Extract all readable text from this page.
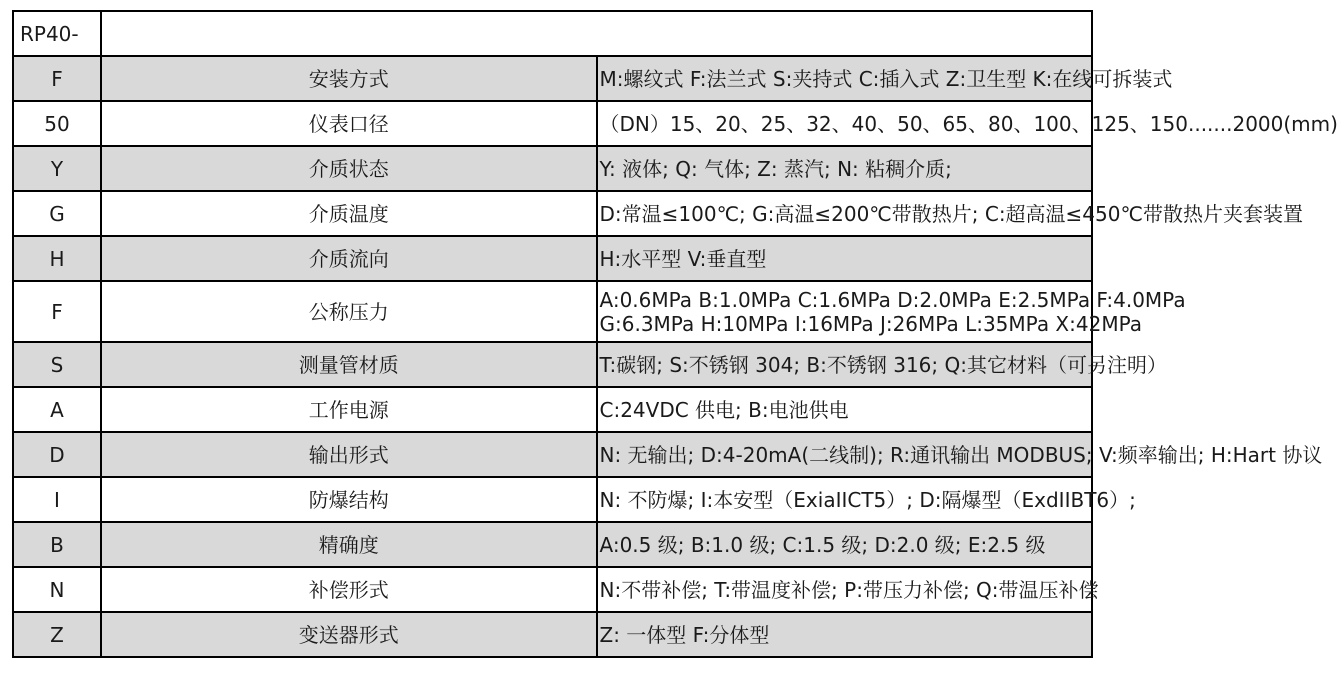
RP40-		
F	安装方式	M:螺纹式 F:法兰式 S:夹持式 C:插入式 Z:卫生型 K:在线可拆装式
50	仪表口径	（DN）15、20、25、32、40、50、65、80、100、125、150.......2000(mm)
Y	介质状态	Y: 液体; Q: 气体; Z: 蒸汽; N: 粘稠介质;
G	介质温度	D:常温≤100℃; G:高温≤200℃带散热片; C:超高温≤450℃带散热片夹套装置
H	介质流向	H:水平型 V:垂直型
F	公称压力	A:0.6MPa B:1.0MPa C:1.6MPa D:2.0MPa E:2.5MPa F:4.0MPa
G:6.3MPa H:10MPa I:16MPa J:26MPa L:35MPa X:42MPa

S	测量管材质	T:碳钢; S:不锈钢 304; B:不锈钢 316; Q:其它材料（可另注明）
A	工作电源	C:24VDC 供电; B:电池供电
D	输出形式	N: 无输出; D:4-20mA(二线制); R:通讯输出 MODBUS; V:频率输出; H:Hart 协议
I	防爆结构	N: 不防爆; I:本安型（ExiaIICT5）; D:隔爆型（ExdIIBT6）;
B	精确度	A:0.5 级; B:1.0 级; C:1.5 级; D:2.0 级; E:2.5 级
N	补偿形式	N:不带补偿; T:带温度补偿; P:带压力补偿; Q:带温压补偿
Z	变送器形式	Z: 一体型 F:分体型
